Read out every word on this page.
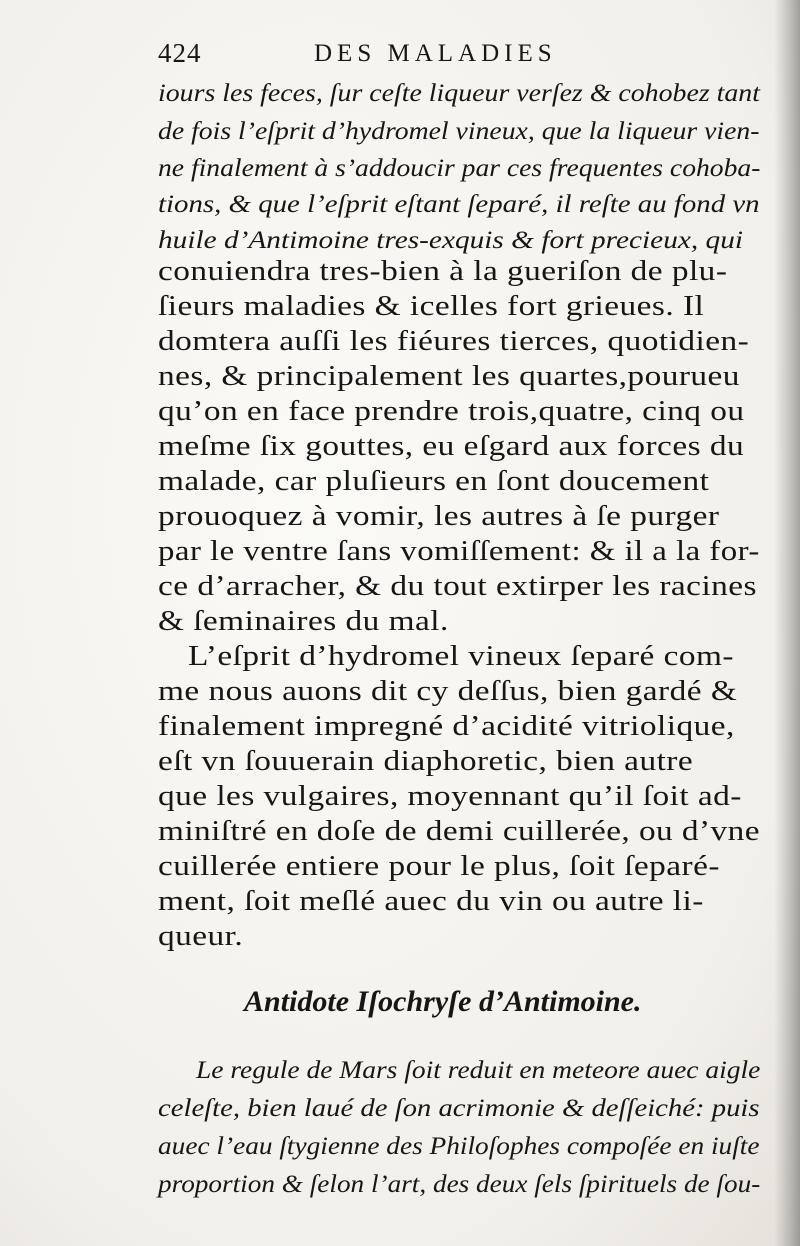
424	DES MALADIES
iours les feces, ſur ceſte liqueur verſez & cohobez tant
de fois l’eſprit d’hydromel vineux, que la liqueur vien-
ne finalement à s’addoucir par ces frequentes cohoba-
tions, & que l’eſprit eſtant ſeparé, il reſte au fond vn
huile d’Antimoine tres-exquis & fort precieux, qui
conuiendra tres-bien à la gueriſon de plu-
ſieurs maladies & icelles fort grieues. Il
domtera auſſi les fiéures tierces, quotidien-
nes, & principalement les quartes,pourueu
qu’on en face prendre trois,quatre, cinq ou
meſme ſix gouttes, eu eſgard aux forces du
malade, car pluſieurs en ſont doucement
prouoquez à vomir, les autres à ſe purger
par le ventre ſans vomiſſement: & il a la for-
ce d’arracher, & du tout extirper les racines
& ſeminaires du mal.
L’eſprit d’hydromel vineux ſeparé com-
me nous auons dit cy deſſus, bien gardé &
finalement impregné d’acidité vitriolique,
eſt vn ſouuerain diaphoretic, bien autre
que les vulgaires, moyennant qu’il ſoit ad-
miniſtré en doſe de demi cuillerée, ou d’vne
cuillerée entiere pour le plus, ſoit ſeparé-
ment, ſoit meſlé auec du vin ou autre li-
queur.
Antidote Iſochryſe d’Antimoine.
Le regule de Mars ſoit reduit en meteore auec aigle
celeſte, bien laué de ſon acrimonie & deſſeiché: puis
auec l’eau ſtygienne des Philoſophes compoſée en iuſte
proportion & ſelon l’art, des deux ſels ſpirituels de ſou-
